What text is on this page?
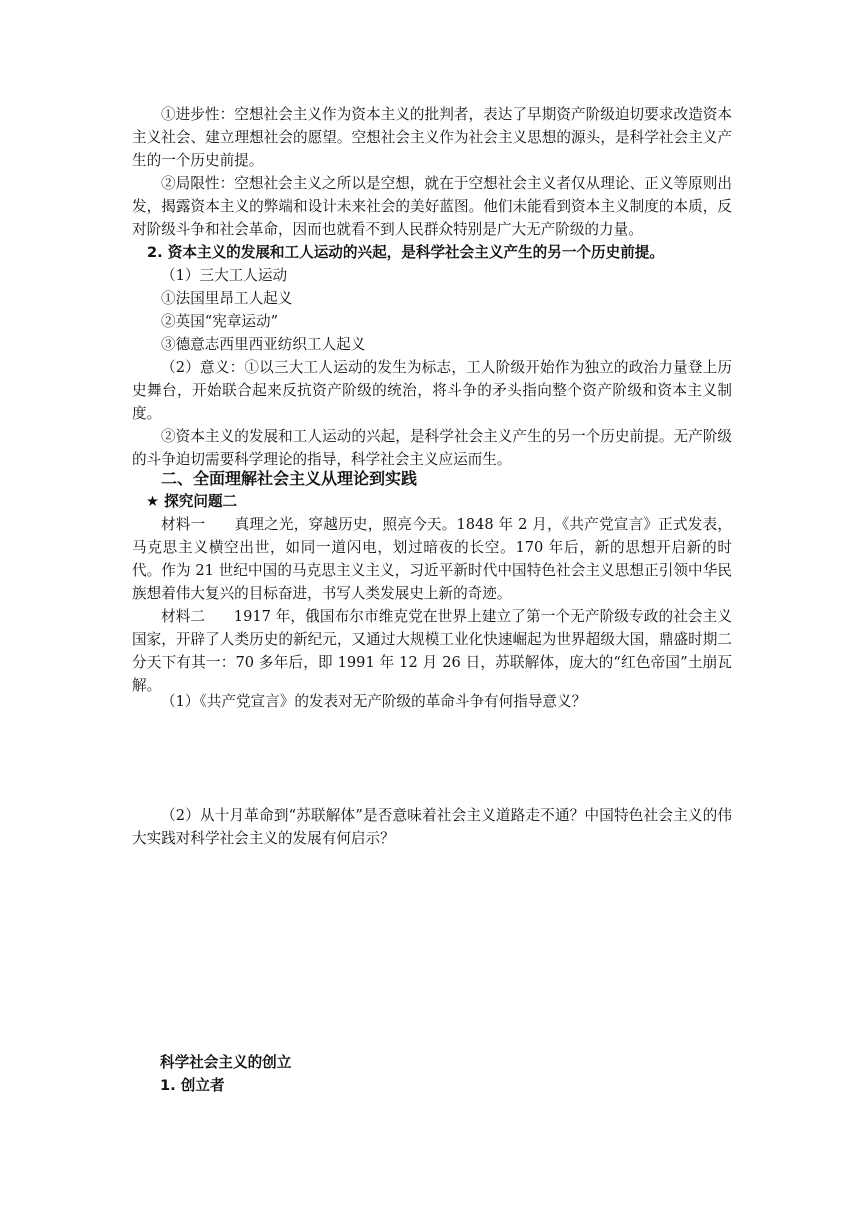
①进步性：空想社会主义作为资本主义的批判者，表达了早期资产阶级迫切要求改造资本主义社会、建立理想社会的愿望。空想社会主义作为社会主义思想的源头，是科学社会主义产生的一个历史前提。

②局限性：空想社会主义之所以是空想，就在于空想社会主义者仅从理论、正义等原则出发，揭露资本主义的弊端和设计未来社会的美好蓝图。他们未能看到资本主义制度的本质，反对阶级斗争和社会革命，因而也就看不到人民群众特别是广大无产阶级的力量。

2. 资本主义的发展和工人运动的兴起，是科学社会主义产生的另一个历史前提。

（1）三大工人运动

①法国里昂工人起义

②英国“宪章运动”

③德意志西里西亚纺织工人起义

（2）意义：①以三大工人运动的发生为标志，工人阶级开始作为独立的政治力量登上历史舞台，开始联合起来反抗资产阶级的统治，将斗争的矛头指向整个资产阶级和资本主义制度。

②资本主义的发展和工人运动的兴起，是科学社会主义产生的另一个历史前提。无产阶级的斗争迫切需要科学理论的指导，科学社会主义应运而生。

二、全面理解社会主义从理论到实践

★ 探究问题二

材料一 真理之光，穿越历史，照亮今天。1848 年 2 月，《共产党宣言》正式发表，马克思主义横空出世，如同一道闪电，划过暗夜的长空。170 年后，新的思想开启新的时代。作为 21 世纪中国的马克思主义主义，习近平新时代中国特色社会主义思想正引领中华民族想着伟大复兴的目标奋进，书写人类发展史上新的奇迹。

材料二 1917 年，俄国布尔市维克党在世界上建立了第一个无产阶级专政的社会主义国家，开辟了人类历史的新纪元，又通过大规模工业化快速崛起为世界超级大国，鼎盛时期二分天下有其一：70 多年后，即 1991 年 12 月 26 日，苏联解体，庞大的“红色帝国”土崩瓦解。

（1）《共产党宣言》的发表对无产阶级的革命斗争有何指导意义？

（2）从十月革命到“苏联解体”是否意味着社会主义道路走不通？中国特色社会主义的伟大实践对科学社会主义的发展有何启示？

科学社会主义的创立

1. 创立者
